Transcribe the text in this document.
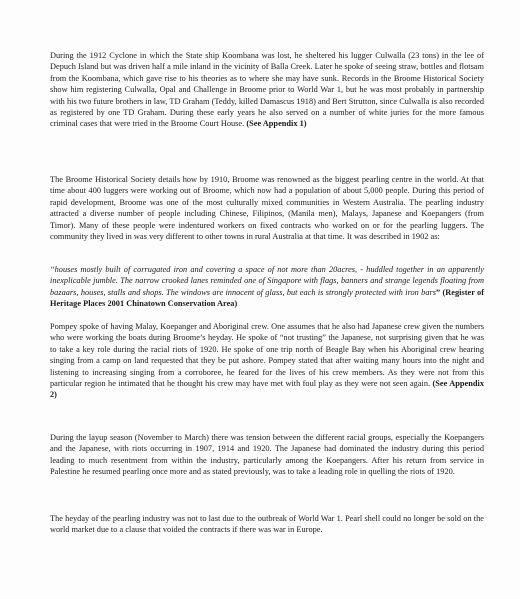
During the 1912 Cyclone in which the State ship Koombana was lost, he sheltered his lugger Culwalla (23 tons) in the lee of Depuch Island but was driven half a mile inland in the vicinity of Balla Creek. Later he spoke of seeing straw, bottles and flotsam from the Koombana, which gave rise to his theories as to where she may have sunk. Records in the Broome Historical Society show him registering Culwalla, Opal and Challenge in Broome prior to World War 1, but he was most probably in partnership with his two future brothers in law, TD Graham (Teddy, killed Damascus 1918) and Bert Strutton, since Culwalla is also recorded as registered by one TD Graham. During these early years he also served on a number of white juries for the more famous criminal cases that were tried in the Broome Court House. (See Appendix 1)

The Broome Historical Society details how by 1910, Broome was renowned as the biggest pearling centre in the world. At that time about 400 luggers were working out of Broome, which now had a population of about 5,000 people. During this period of rapid development, Broome was one of the most culturally mixed communities in Western Australia. The pearling industry attracted a diverse number of people including Chinese, Filipinos, (Manila men), Malays, Japanese and Koepangers (from Timor). Many of these people were indentured workers on fixed contracts who worked on or for the pearling luggers. The community they lived in was very different to other towns in rural Australia at that time. It was described in 1902 as:

“houses mostly built of corrugated iron and covering a space of not more than 20acres, - huddled together in an apparently inexplicable jumble. The narrow crooked lanes reminded one of Singapore with flags, banners and strange legends floating from bazaars, houses, stalls and shops. The windows are innocent of glass, but each is strongly protected with iron bars” (Register of Heritage Places 2001 Chinatown Conservation Area)

Pompey spoke of having Malay, Koepanger and Aboriginal crew. One assumes that he also had Japanese crew given the numbers who were working the boats during Broome’s heyday. He spoke of “not trusting” the Japanese, not surprising given that he was to take a key role during the racial riots of 1920. He spoke of one trip north of Beagle Bay when his Aboriginal crew hearing singing from a camp on land requested that they be put ashore. Pompey stated that after waiting many hours into the night and listening to increasing singing from a corroboree, he feared for the lives of his crew members. As they were not from this particular region he intimated that he thought his crew may have met with foul play as they were not seen again. (See Appendix 2)

During the layup season (November to March) there was tension between the different racial groups, especially the Koepangers and the Japanese, with riots occurring in 1907, 1914 and 1920. The Japanese had dominated the industry during this period leading to much resentment from within the industry, particularly among the Koepangers. After his return from service in Palestine he resumed pearling once more and as stated previously, was to take a leading role in quelling the riots of 1920.

The heyday of the pearling industry was not to last due to the outbreak of World War 1. Pearl shell could no longer be sold on the world market due to a clause that voided the contracts if there was war in Europe.
